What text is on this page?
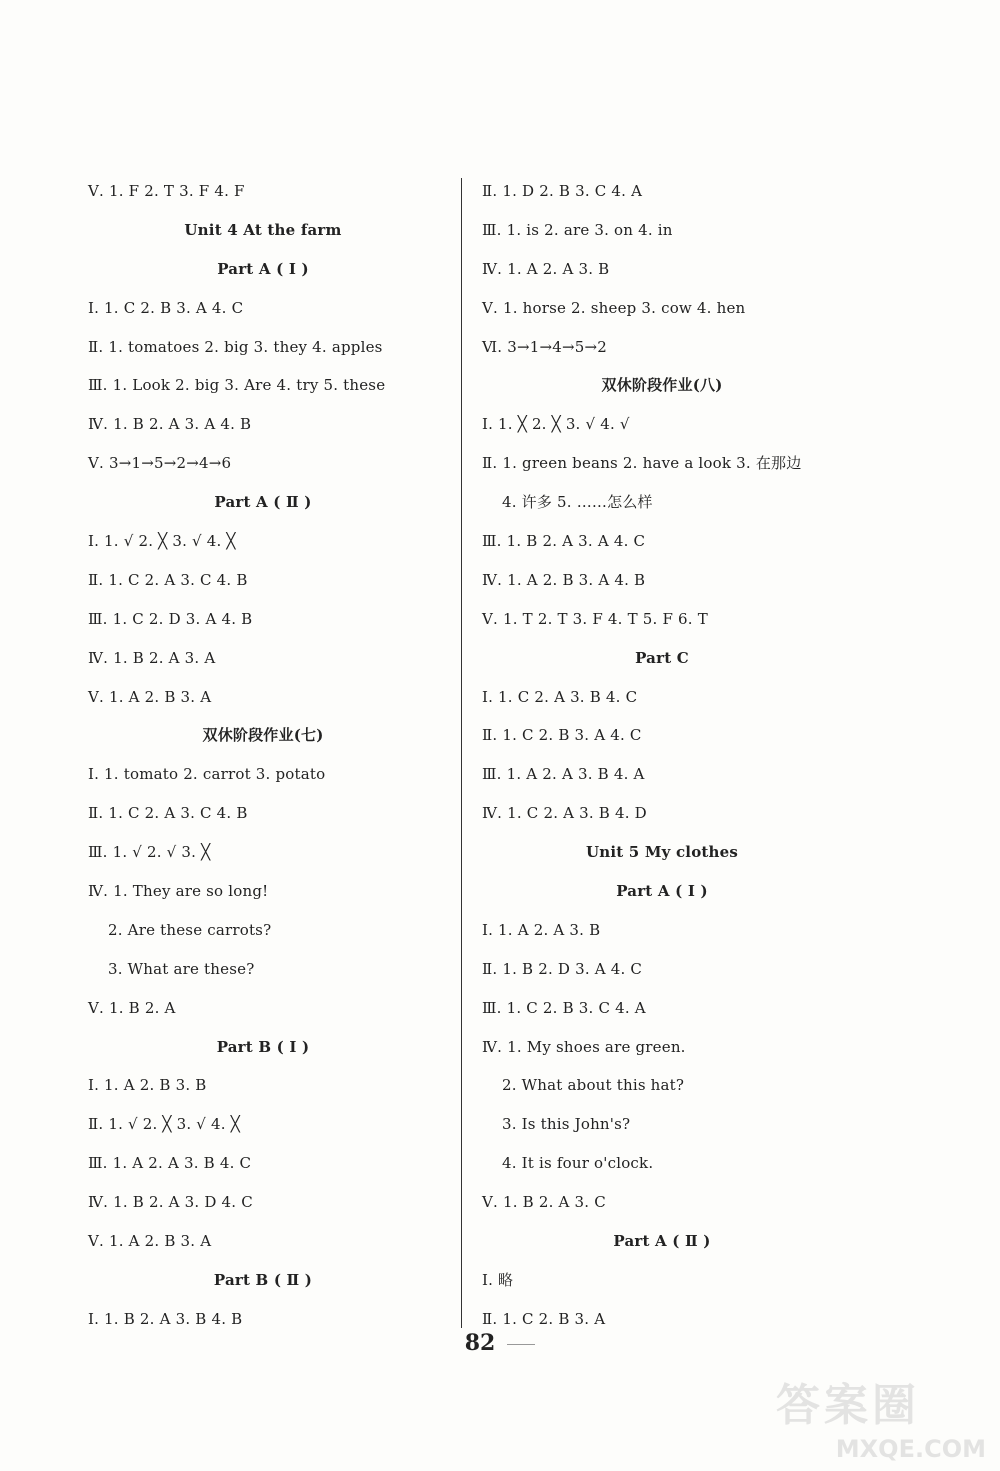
Ⅴ. 1. F 2. T 3. F 4. F
Unit 4 At the farm
Part A ( Ⅰ )
Ⅰ. 1. C 2. B 3. A 4. C
Ⅱ. 1. tomatoes 2. big 3. they 4. apples
Ⅲ. 1. Look 2. big 3. Are 4. try 5. these
Ⅳ. 1. B 2. A 3. A 4. B
Ⅴ. 3→1→5→2→4→6
Part A ( Ⅱ )
Ⅰ. 1. √ 2. ╳ 3. √ 4. ╳
Ⅱ. 1. C 2. A 3. C 4. B
Ⅲ. 1. C 2. D 3. A 4. B
Ⅳ. 1. B 2. A 3. A
Ⅴ. 1. A 2. B 3. A
双休阶段作业(七)
Ⅰ. 1. tomato 2. carrot 3. potato
Ⅱ. 1. C 2. A 3. C 4. B
Ⅲ. 1. √ 2. √ 3. ╳
Ⅳ. 1. They are so long!
2. Are these carrots?
3. What are these?
Ⅴ. 1. B 2. A
Part B ( Ⅰ )
Ⅰ. 1. A 2. B 3. B
Ⅱ. 1. √ 2. ╳ 3. √ 4. ╳
Ⅲ. 1. A 2. A 3. B 4. C
Ⅳ. 1. B 2. A 3. D 4. C
Ⅴ. 1. A 2. B 3. A
Part B ( Ⅱ )
Ⅰ. 1. B 2. A 3. B 4. B
Ⅱ. 1. D 2. B 3. C 4. A
Ⅲ. 1. is 2. are 3. on 4. in
Ⅳ. 1. A 2. A 3. B
Ⅴ. 1. horse 2. sheep 3. cow 4. hen
Ⅵ. 3→1→4→5→2
双休阶段作业(八)
Ⅰ. 1. ╳ 2. ╳ 3. √ 4. √
Ⅱ. 1. green beans 2. have a look 3. 在那边
4. 许多 5. ……怎么样
Ⅲ. 1. B 2. A 3. A 4. C
Ⅳ. 1. A 2. B 3. A 4. B
Ⅴ. 1. T 2. T 3. F 4. T 5. F 6. T
Part C
Ⅰ. 1. C 2. A 3. B 4. C
Ⅱ. 1. C 2. B 3. A 4. C
Ⅲ. 1. A 2. A 3. B 4. A
Ⅳ. 1. C 2. A 3. B 4. D
Unit 5 My clothes
Part A ( Ⅰ )
Ⅰ. 1. A 2. A 3. B
Ⅱ. 1. B 2. D 3. A 4. C
Ⅲ. 1. C 2. B 3. C 4. A
Ⅳ. 1. My shoes are green.
2. What about this hat?
3. Is this John's?
4. It is four o'clock.
Ⅴ. 1. B 2. A 3. C
Part A ( Ⅱ )
Ⅰ. 略
Ⅱ. 1. C 2. B 3. A
82
答案圈
MXQE.COM
